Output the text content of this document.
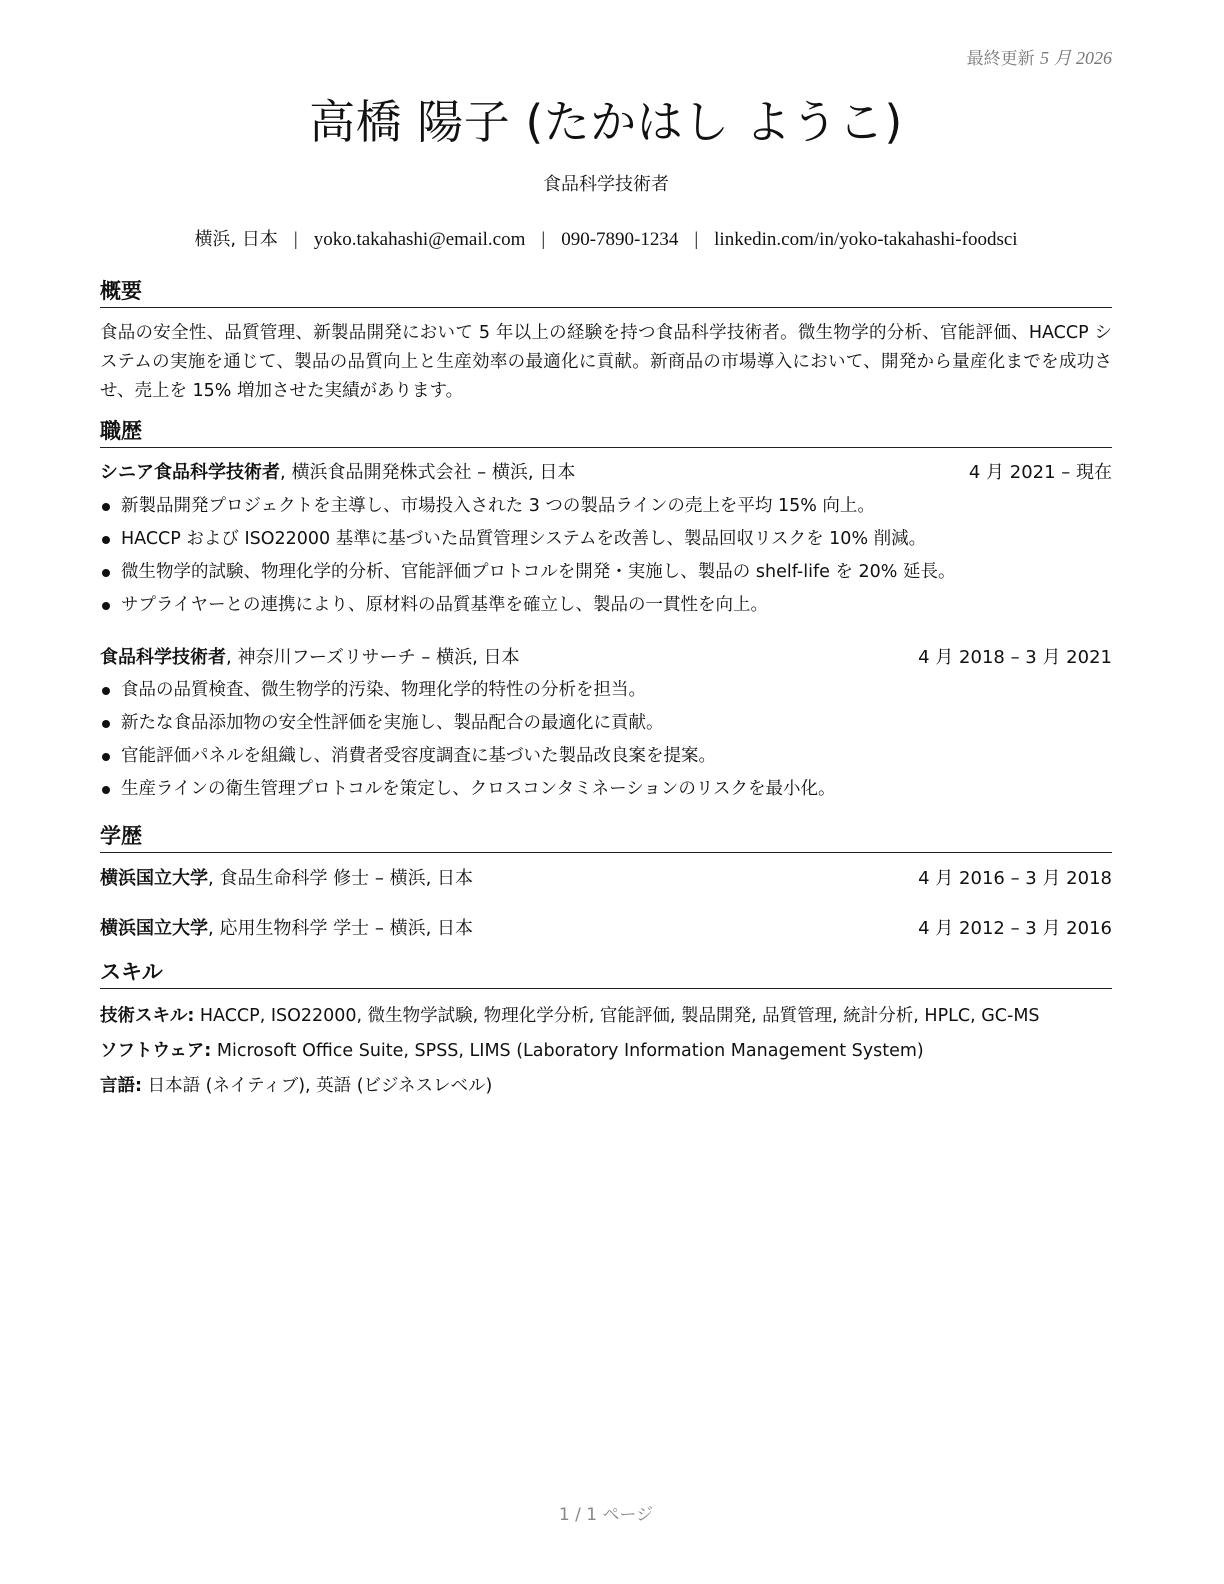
最終更新 5 月 2026
高橋 陽子 (たかはし ようこ)
食品科学技術者
横浜, 日本 | yoko.takahashi@email.com | 090-7890-1234 | linkedin.com/in/yoko-takahashi-foodsci
概要
食品の安全性、品質管理、新製品開発において 5 年以上の経験を持つ食品科学技術者。微生物学的分析、官能評価、HACCP システムの実施を通じて、製品の品質向上と生産効率の最適化に貢献。新商品の市場導入において、開発から量産化までを成功させ、売上を 15% 増加させた実績があります。
職歴
シニア食品科学技術者, 横浜食品開発株式会社 – 横浜, 日本	4 月 2021 – 現在
新製品開発プロジェクトを主導し、市場投入された 3 つの製品ラインの売上を平均 15% 向上。
HACCP および ISO22000 基準に基づいた品質管理システムを改善し、製品回収リスクを 10% 削減。
微生物学的試験、物理化学的分析、官能評価プロトコルを開発・実施し、製品の shelf-life を 20% 延長。
サプライヤーとの連携により、原材料の品質基準を確立し、製品の一貫性を向上。
食品科学技術者, 神奈川フーズリサーチ – 横浜, 日本	4 月 2018 – 3 月 2021
食品の品質検査、微生物学的汚染、物理化学的特性の分析を担当。
新たな食品添加物の安全性評価を実施し、製品配合の最適化に貢献。
官能評価パネルを組織し、消費者受容度調査に基づいた製品改良案を提案。
生産ラインの衛生管理プロトコルを策定し、クロスコンタミネーションのリスクを最小化。
学歴
横浜国立大学, 食品生命科学 修士 – 横浜, 日本	4 月 2016 – 3 月 2018
横浜国立大学, 応用生物科学 学士 – 横浜, 日本	4 月 2012 – 3 月 2016
スキル
技術スキル: HACCP, ISO22000, 微生物学試験, 物理化学分析, 官能評価, 製品開発, 品質管理, 統計分析, HPLC, GC-MS
ソフトウェア: Microsoft Office Suite, SPSS, LIMS (Laboratory Information Management System)
言語: 日本語 (ネイティブ), 英語 (ビジネスレベル)
1 / 1 ページ
